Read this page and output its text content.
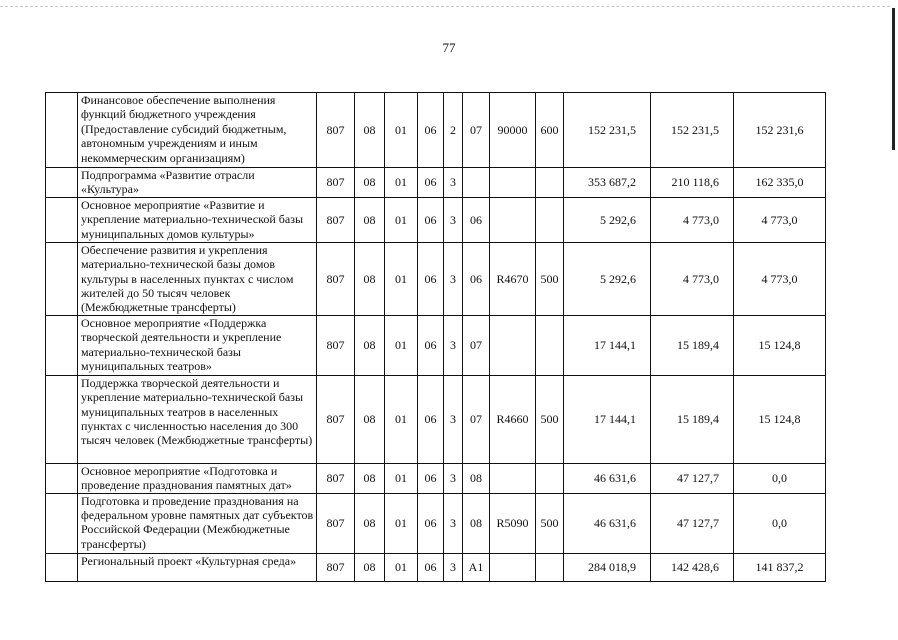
77
	Финансовое обеспечение выполнения функций бюджетного учреждения (Предоставление субсидий бюджетным, автономным учреждениям и иным некоммерческим организациям)	807	08	01	06	2	07	90000	600	152 231,5	152 231,5	152 231,6
	Подпрограмма «Развитие отрасли «Культура»	807	08	01	06	3				353 687,2	210 118,6	162 335,0
	Основное мероприятие «Развитие и укрепление материально-технической базы муниципальных домов культуры»	807	08	01	06	3	06			5 292,6	4 773,0	4 773,0
	Обеспечение развития и укрепления материально-технической базы домов культуры в населенных пунктах с числом жителей до 50 тысяч человек (Межбюджетные трансферты)	807	08	01	06	3	06	R4670	500	5 292,6	4 773,0	4 773,0
	Основное мероприятие «Поддержка творческой деятельности и укрепление материально-технической базы муниципальных театров»	807	08	01	06	3	07			17 144,1	15 189,4	15 124,8
	Поддержка творческой деятельности и укрепление материально-технической базы муниципальных театров в населенных пунктах с численностью населения до 300 тысяч человек (Межбюджетные трансферты)	807	08	01	06	3	07	R4660	500	17 144,1	15 189,4	15 124,8
	Основное мероприятие «Подготовка и проведение празднования памятных дат»	807	08	01	06	3	08			46 631,6	47 127,7	0,0
	Подготовка и проведение празднования на федеральном уровне памятных дат субъектов Российской Федерации (Межбюджетные трансферты)	807	08	01	06	3	08	R5090	500	46 631,6	47 127,7	0,0
	Региональный проект «Культурная среда»	807	08	01	06	3	A1			284 018,9	142 428,6	141 837,2
